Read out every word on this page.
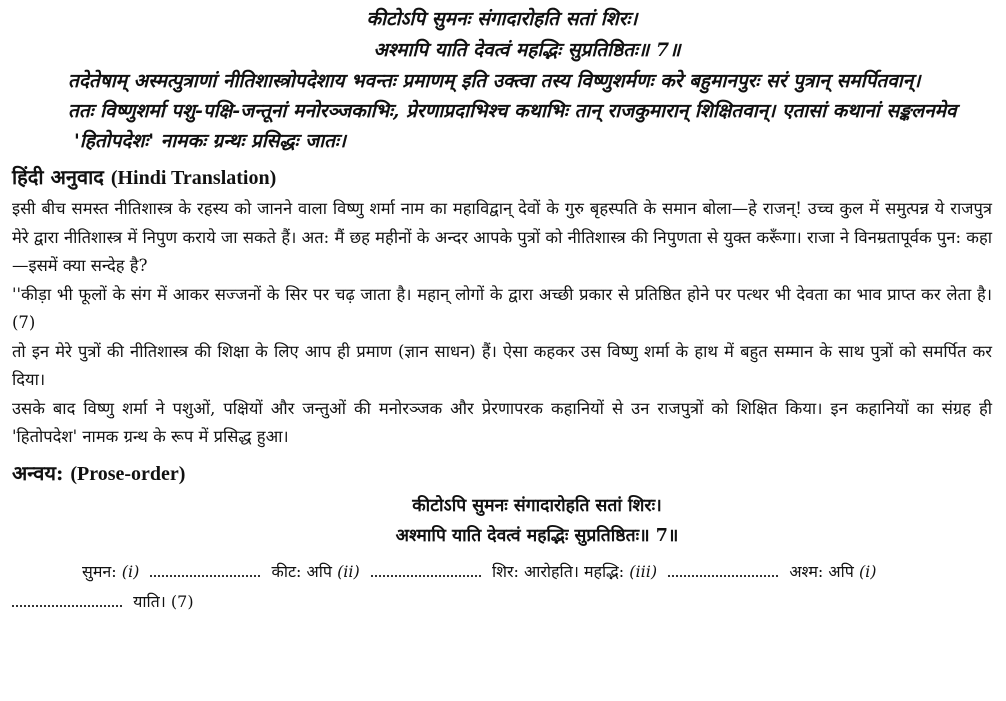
कीटोऽपि सुमनः संगादारोहति सतां शिरः।
अश्मापि याति देवत्वं महद्भिः सुप्रतिष्ठितः॥ 7॥

तदेतेषाम् अस्मत्पुत्राणां नीतिशास्त्रोपदेशाय भवन्तः प्रमाणम् इति उक्त्वा तस्य विष्णुशर्मणः करे बहुमानपुरः सरं पुत्रान् समर्पितवान्।

ततः विष्णुशर्मा पशु-पक्षि-जन्तूनां मनोरञ्जकाभिः, प्रेरणाप्रदाभिश्च कथाभिः तान् राजकुमारान् शिक्षितवान्। एतासां कथानां सङ्कलनमेव 'हितोपदेशः' नामकः ग्रन्थः प्रसिद्धः जातः।

हिंदी अनुवाद (Hindi Translation)

इसी बीच समस्त नीतिशास्त्र के रहस्य को जानने वाला विष्णु शर्मा नाम का महाविद्वान् देवों के गुरु बृहस्पति के समान बोला—हे राजन्! उच्च कुल में समुत्पन्न ये राजपुत्र मेरे द्वारा नीतिशास्त्र में निपुण कराये जा सकते हैं। अत: मैं छह महीनों के अन्दर आपके पुत्रों को नीतिशास्त्र की निपुणता से युक्त करूँगा। राजा ने विनम्रतापूर्वक पुन: कहा—इसमें क्या सन्देह है?

''कीड़ा भी फूलों के संग में आकर सज्जनों के सिर पर चढ़ जाता है। महान् लोगों के द्वारा अच्छी प्रकार से प्रतिष्ठित होने पर पत्थर भी देवता का भाव प्राप्त कर लेता है। (7)

तो इन मेरे पुत्रों की नीतिशास्त्र की शिक्षा के लिए आप ही प्रमाण (ज्ञान साधन) हैं। ऐसा कहकर उस विष्णु शर्मा के हाथ में बहुत सम्मान के साथ पुत्रों को समर्पित कर दिया।

उसके बाद विष्णु शर्मा ने पशुओं, पक्षियों और जन्तुओं की मनोरञ्जक और प्रेरणापरक कहानियों से उन राजपुत्रों को शिक्षित किया। इन कहानियों का संग्रह ही 'हितोपदेश' नामक ग्रन्थ के रूप में प्रसिद्ध हुआ।

अन्वय: (Prose-order)
कीटोऽपि सुमनः संगादारोहति सतां शिरः।
अश्मापि याति देवत्वं महद्भिः सुप्रतिष्ठितः॥ 7॥

सुमन: (i)	कीट: अपि (ii)	शिर: आरोहति। महद्भि: (iii)	अश्म: अपि (i)

याति। (7)
